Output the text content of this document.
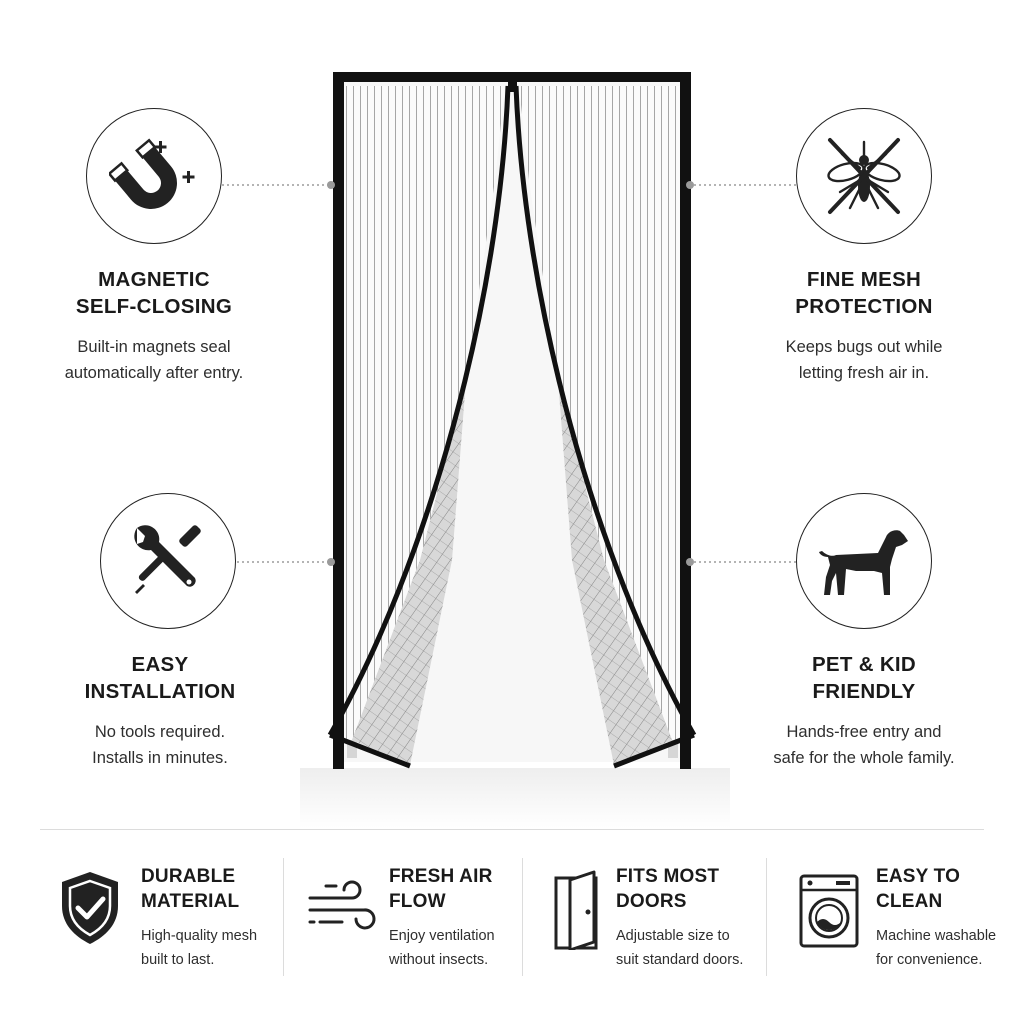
MAGNETIC
SELF-CLOSING
Built-in magnets seal
automatically after entry.
FINE MESH
PROTECTION
Keeps bugs out while
letting fresh air in.
EASY
INSTALLATION
No tools required.
Installs in minutes.
PET & KID
FRIENDLY
Hands-free entry and
safe for the whole family.
DURABLE
MATERIAL
High-quality mesh
built to last.
FRESH AIR
FLOW
Enjoy ventilation
without insects.
FITS MOST
DOORS
Adjustable size to
suit standard doors.
EASY TO
CLEAN
Machine washable
for convenience.
